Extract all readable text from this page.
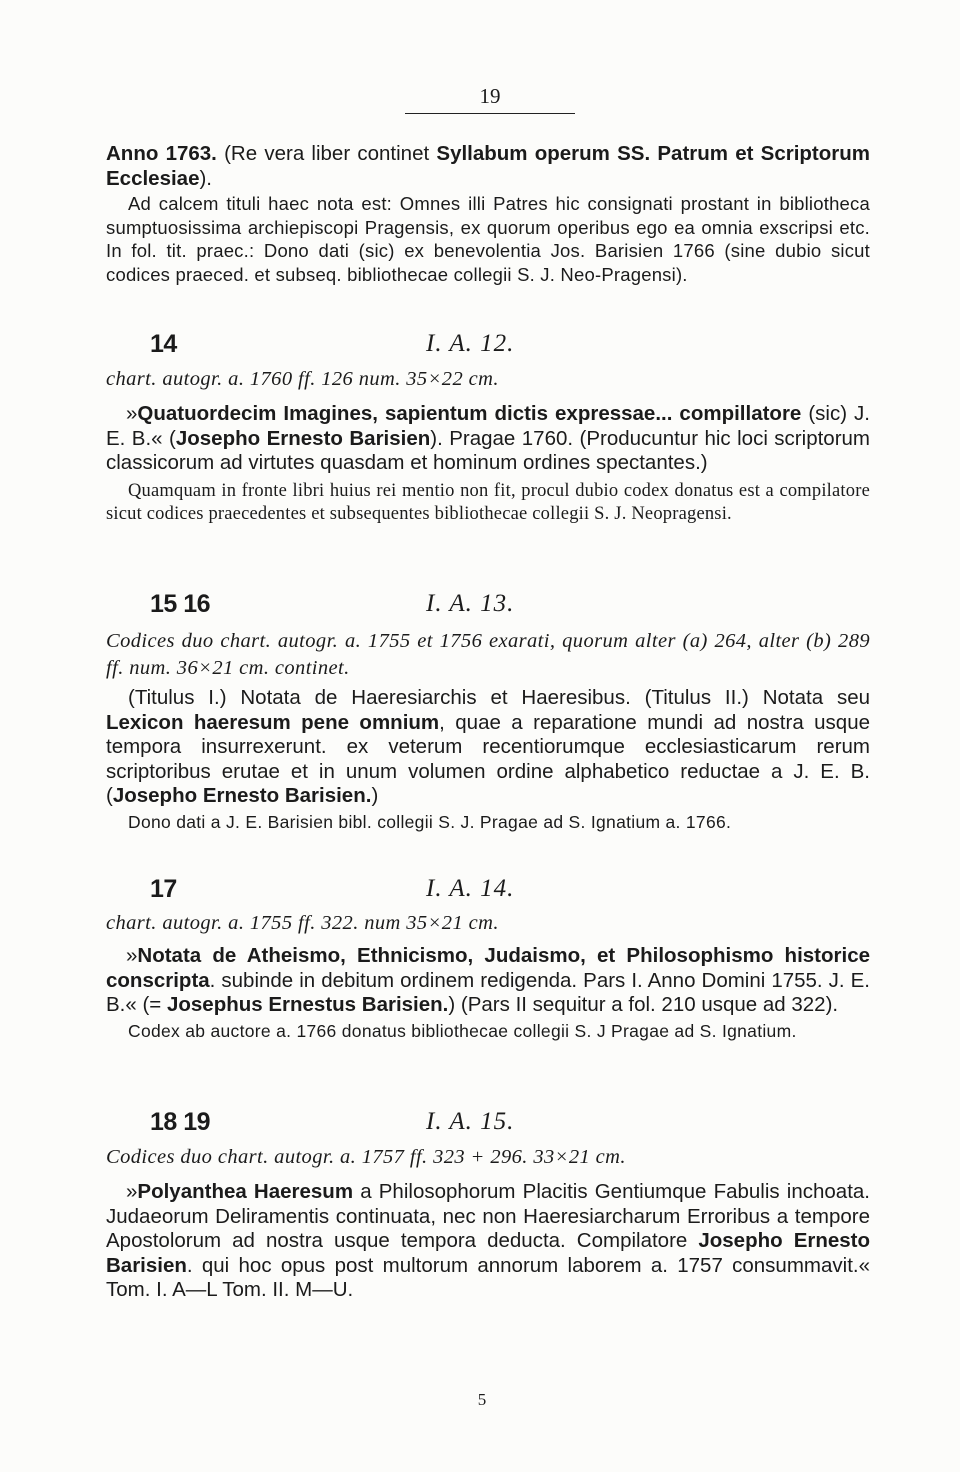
19

Anno 1763. (Re vera liber continet Syllabum operum SS. Patrum et Scriptorum Ecclesiae).

Ad calcem tituli haec nota est: Omnes illi Patres hic consignati prostant in bibliotheca sumptuosissima archiepiscopi Pragensis, ex quorum operibus ego ea omnia exscripsi etc. In fol. tit. praec.: Dono dati (sic) ex benevolentia Jos. Barisien 1766 (sine dubio sicut codices praeced. et subseq. bibliothecae collegii S. J. Neo-Pragensi).

14	I. A. 12.
chart. autogr. a. 1760 ff. 126 num. 35×22 cm.

»Quatuordecim Imagines, sapientum dictis expressae... compillatore (sic) J. E. B.« (Josepho Ernesto Barisien). Pragae 1760. (Producuntur hic loci scriptorum classicorum ad virtutes quasdam et hominum ordines spectantes.)

Quamquam in fronte libri huius rei mentio non fit, procul dubio codex donatus est a compilatore sicut codices praecedentes et subsequentes bibliothecae collegii S. J. Neopragensi.

15 16	I. A. 13.
Codices duo chart. autogr. a. 1755 et 1756 exarati, quorum alter (a) 264, alter (b) 289 ff. num. 36×21 cm. continet.

(Titulus I.) Notata de Haeresiarchis et Haeresibus. (Titulus II.) Notata seu Lexicon haeresum pene omnium, quae a reparatione mundi ad nostra usque tempora insurrexerunt. ex veterum recentiorumque ecclesiasticarum rerum scriptoribus erutae et in unum volumen ordine alphabetico reductae a J. E. B. (Josepho Ernesto Barisien.)

Dono dati a J. E. Barisien bibl. collegii S. J. Pragae ad S. Ignatium a. 1766.

17	I. A. 14.
chart. autogr. a. 1755 ff. 322. num 35×21 cm.

»Notata de Atheismo, Ethnicismo, Judaismo, et Philosophismo historice conscripta. subinde in debitum ordinem redigenda. Pars I. Anno Domini 1755. J. E. B.« (= Josephus Ernestus Barisien.) (Pars II sequitur a fol. 210 usque ad 322).

Codex ab auctore a. 1766 donatus bibliothecae collegii S. J Pragae ad S. Ignatium.

18 19	I. A. 15.
Codices duo chart. autogr. a. 1757 ff. 323 + 296. 33×21 cm.

»Polyanthea Haeresum a Philosophorum Placitis Gentiumque Fabulis inchoata. Judaeorum Deliramentis continuata, nec non Haeresiarcharum Erroribus a tempore Apostolorum ad nostra usque tempora deducta. Compilatore Josepho Ernesto Barisien. qui hoc opus post multorum annorum laborem a. 1757 consummavit.« Tom. I. A—L Tom. II. M—U.

5
